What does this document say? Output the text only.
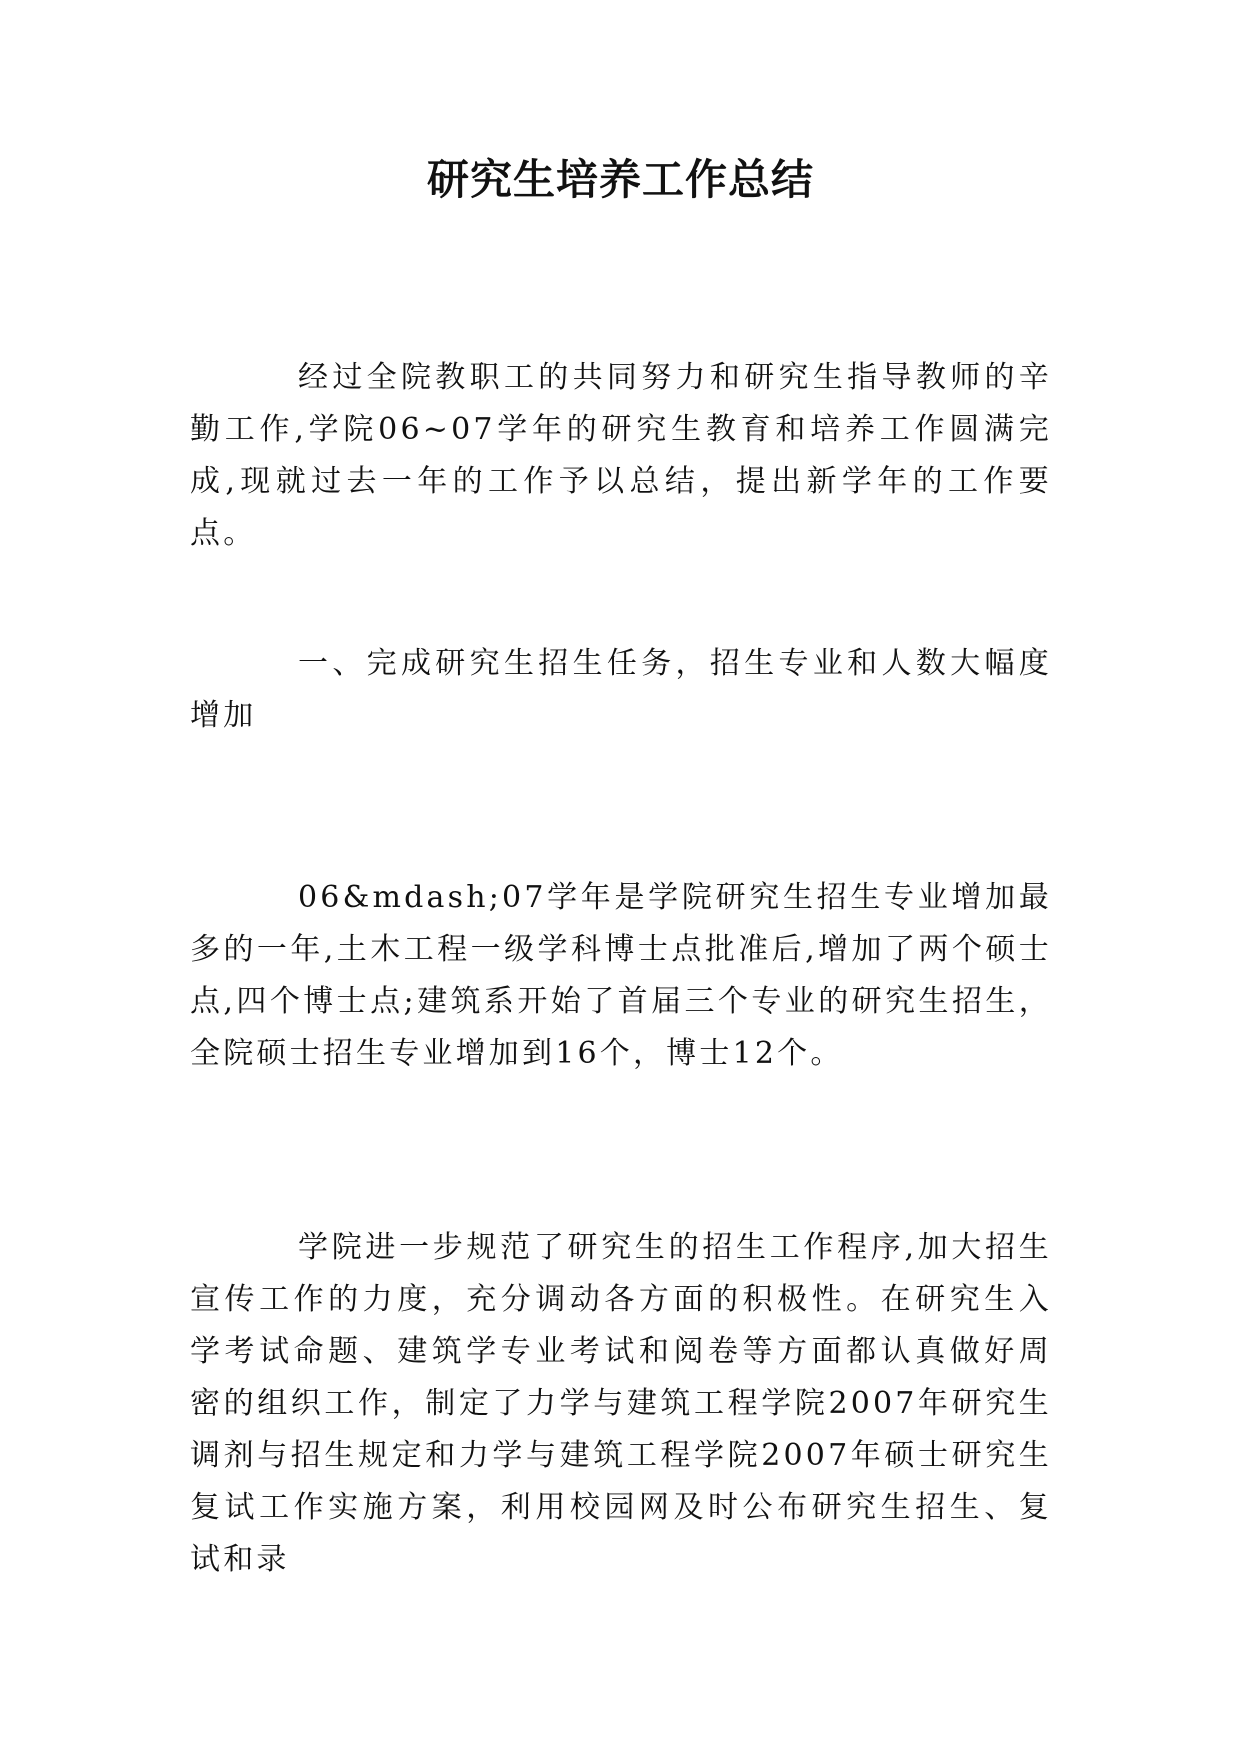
研究生培养工作总结

经过全院教职工的共同努力和研究生指导教师的辛勤工作,学院06~07学年的研究生教育和培养工作圆满完成,现就过去一年的工作予以总结，提出新学年的工作要点。

一、完成研究生招生任务，招生专业和人数大幅度增加

06&mdash;07学年是学院研究生招生专业增加最多的一年,土木工程一级学科博士点批准后,增加了两个硕士点,四个博士点;建筑系开始了首届三个专业的研究生招生，全院硕士招生专业增加到16个，博士12个。

学院进一步规范了研究生的招生工作程序,加大招生宣传工作的力度，充分调动各方面的积极性。在研究生入学考试命题、建筑学专业考试和阅卷等方面都认真做好周密的组织工作，制定了力学与建筑工程学院2007年研究生调剂与招生规定和力学与建筑工程学院2007年硕士研究生复试工作实施方案，利用校园网及时公布研究生招生、复试和录
